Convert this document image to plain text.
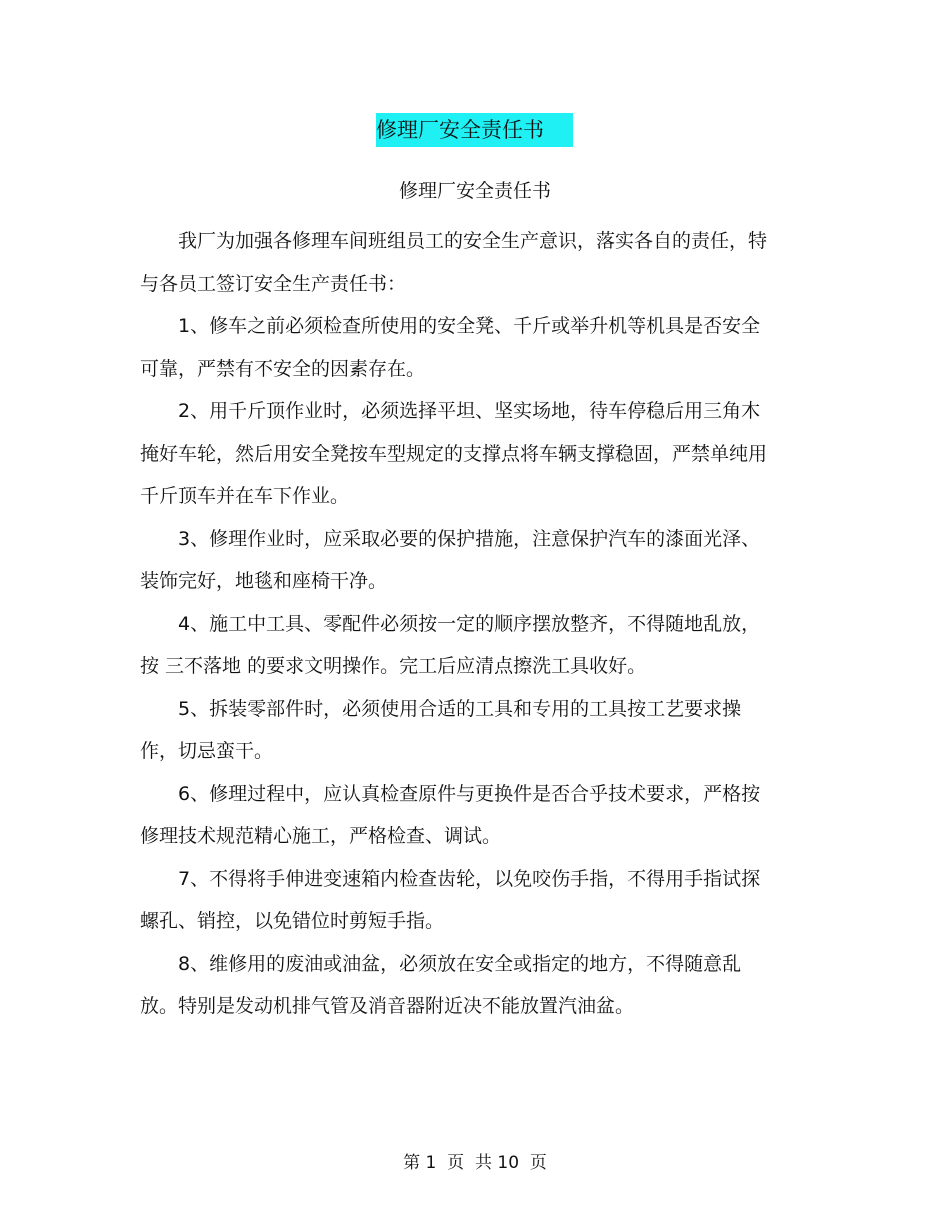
修理厂安全责任书
修理厂安全责任书

我厂为加强各修理车间班组员工的安全生产意识，落实各自的责任，特与各员工签订安全生产责任书：

1、修车之前必须检查所使用的安全凳、千斤或举升机等机具是否安全可靠，严禁有不安全的因素存在。

2、用千斤顶作业时，必须选择平坦、坚实场地，待车停稳后用三角木掩好车轮，然后用安全凳按车型规定的支撑点将车辆支撑稳固，严禁单纯用千斤顶车并在车下作业。

3、修理作业时，应采取必要的保护措施，注意保护汽车的漆面光泽、装饰完好，地毯和座椅干净。

4、施工中工具、零配件必须按一定的顺序摆放整齐，不得随地乱放，按 三不落地 的要求文明操作。完工后应清点擦洗工具收好。

5、拆装零部件时，必须使用合适的工具和专用的工具按工艺要求操作，切忌蛮干。

6、修理过程中，应认真检查原件与更换件是否合乎技术要求，严格按修理技术规范精心施工，严格检查、调试。

7、不得将手伸进变速箱内检查齿轮，以免咬伤手指，不得用手指试探螺孔、销控，以免错位时剪短手指。

8、维修用的废油或油盆，必须放在安全或指定的地方，不得随意乱放。特别是发动机排气管及消音器附近决不能放置汽油盆。

第 1  页  共 10  页
